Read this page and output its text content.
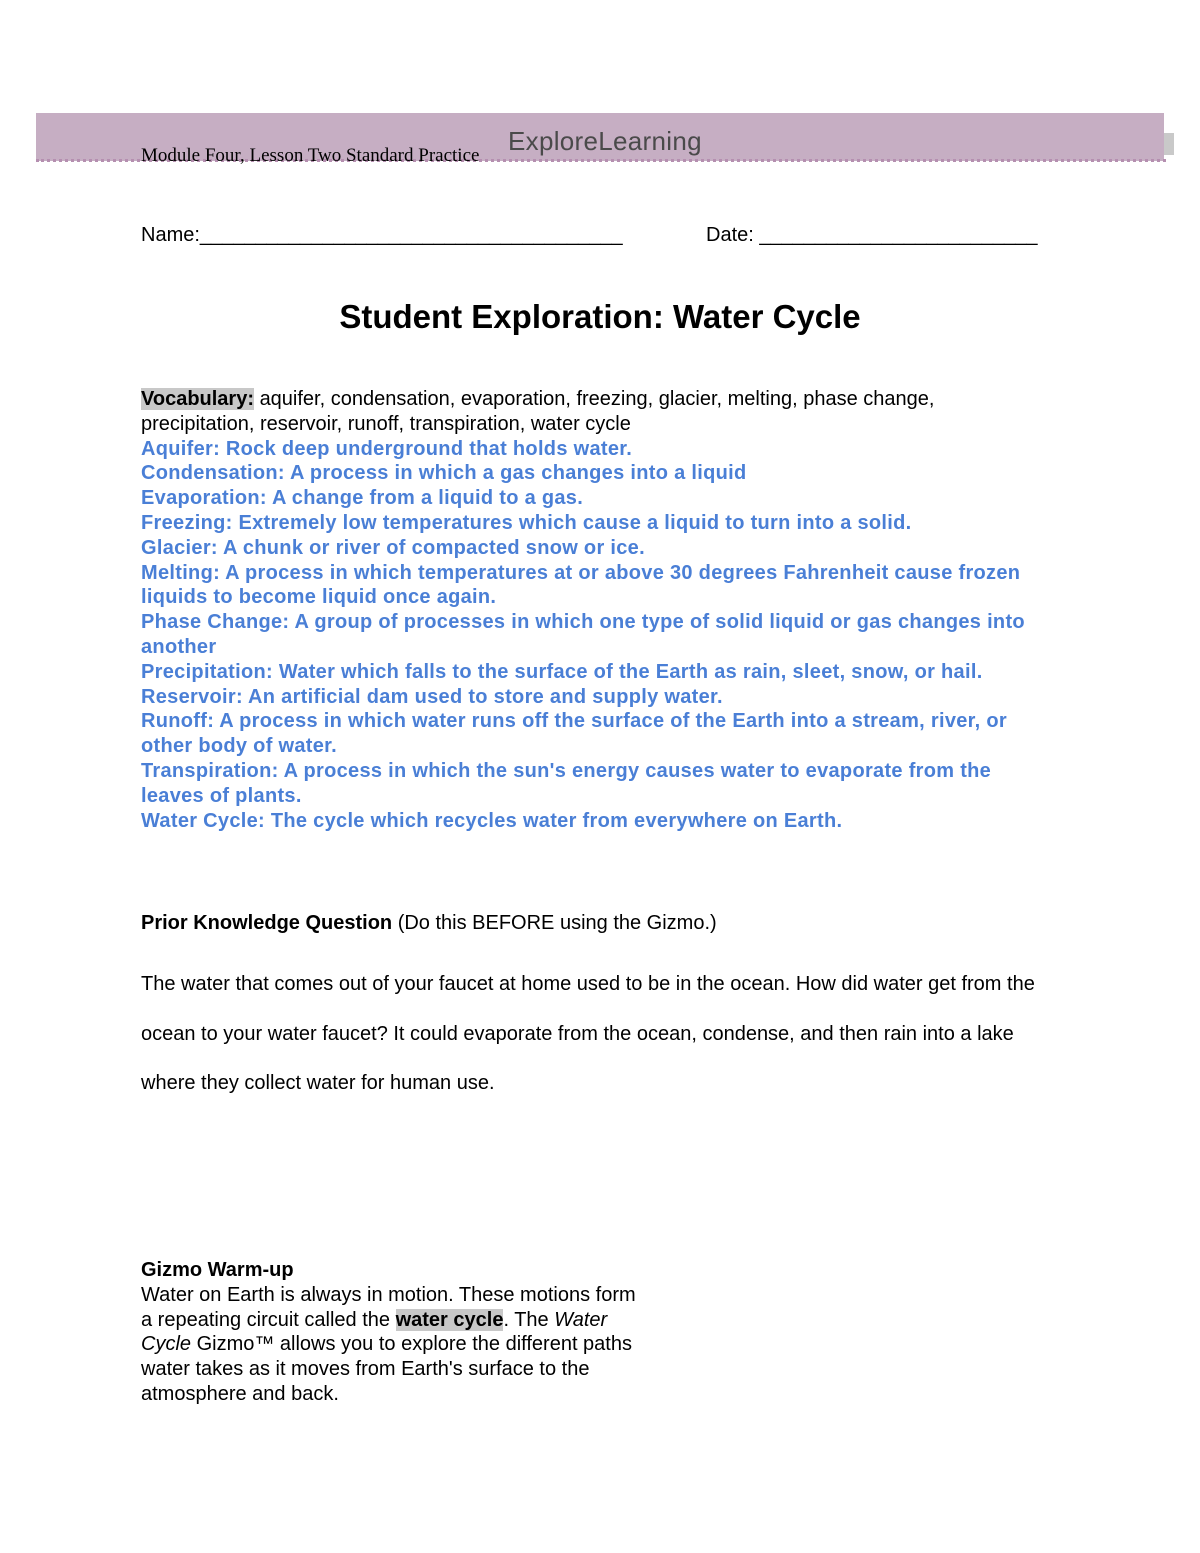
ExploreLearning
Module Four, Lesson Two Standard Practice
Name:______________________________________	Date: _________________________
Student Exploration: Water Cycle
Vocabulary: aquifer, condensation, evaporation, freezing, glacier, melting, phase change, precipitation, reservoir, runoff, transpiration, water cycle
Aquifer: Rock deep underground that holds water.
Condensation: A process in which a gas changes into a liquid
Evaporation: A change from a liquid to a gas.
Freezing: Extremely low temperatures which cause a liquid to turn into a solid.
Glacier: A chunk or river of compacted snow or ice.
Melting: A process in which temperatures at or above 30 degrees Fahrenheit cause frozen liquids to become liquid once again.
Phase Change: A group of processes in which one type of solid liquid or gas changes into another
Precipitation: Water which falls to the surface of the Earth as rain, sleet, snow, or hail.
Reservoir: An artificial dam used to store and supply water.
Runoff: A process in which water runs off the surface of the Earth into a stream, river, or other body of water.
Transpiration: A process in which the sun's energy causes water to evaporate from the leaves of plants.
Water Cycle: The cycle which recycles water from everywhere on Earth.
Prior Knowledge Question (Do this BEFORE using the Gizmo.)
The water that comes out of your faucet at home used to be in the ocean. How did water get from the ocean to your water faucet? It could evaporate from the ocean, condense, and then rain into a lake where they collect water for human use.
Gizmo Warm-up
Water on Earth is always in motion. These motions form a repeating circuit called the water cycle. The Water Cycle Gizmo™ allows you to explore the different paths water takes as it moves from Earth's surface to the atmosphere and back.
